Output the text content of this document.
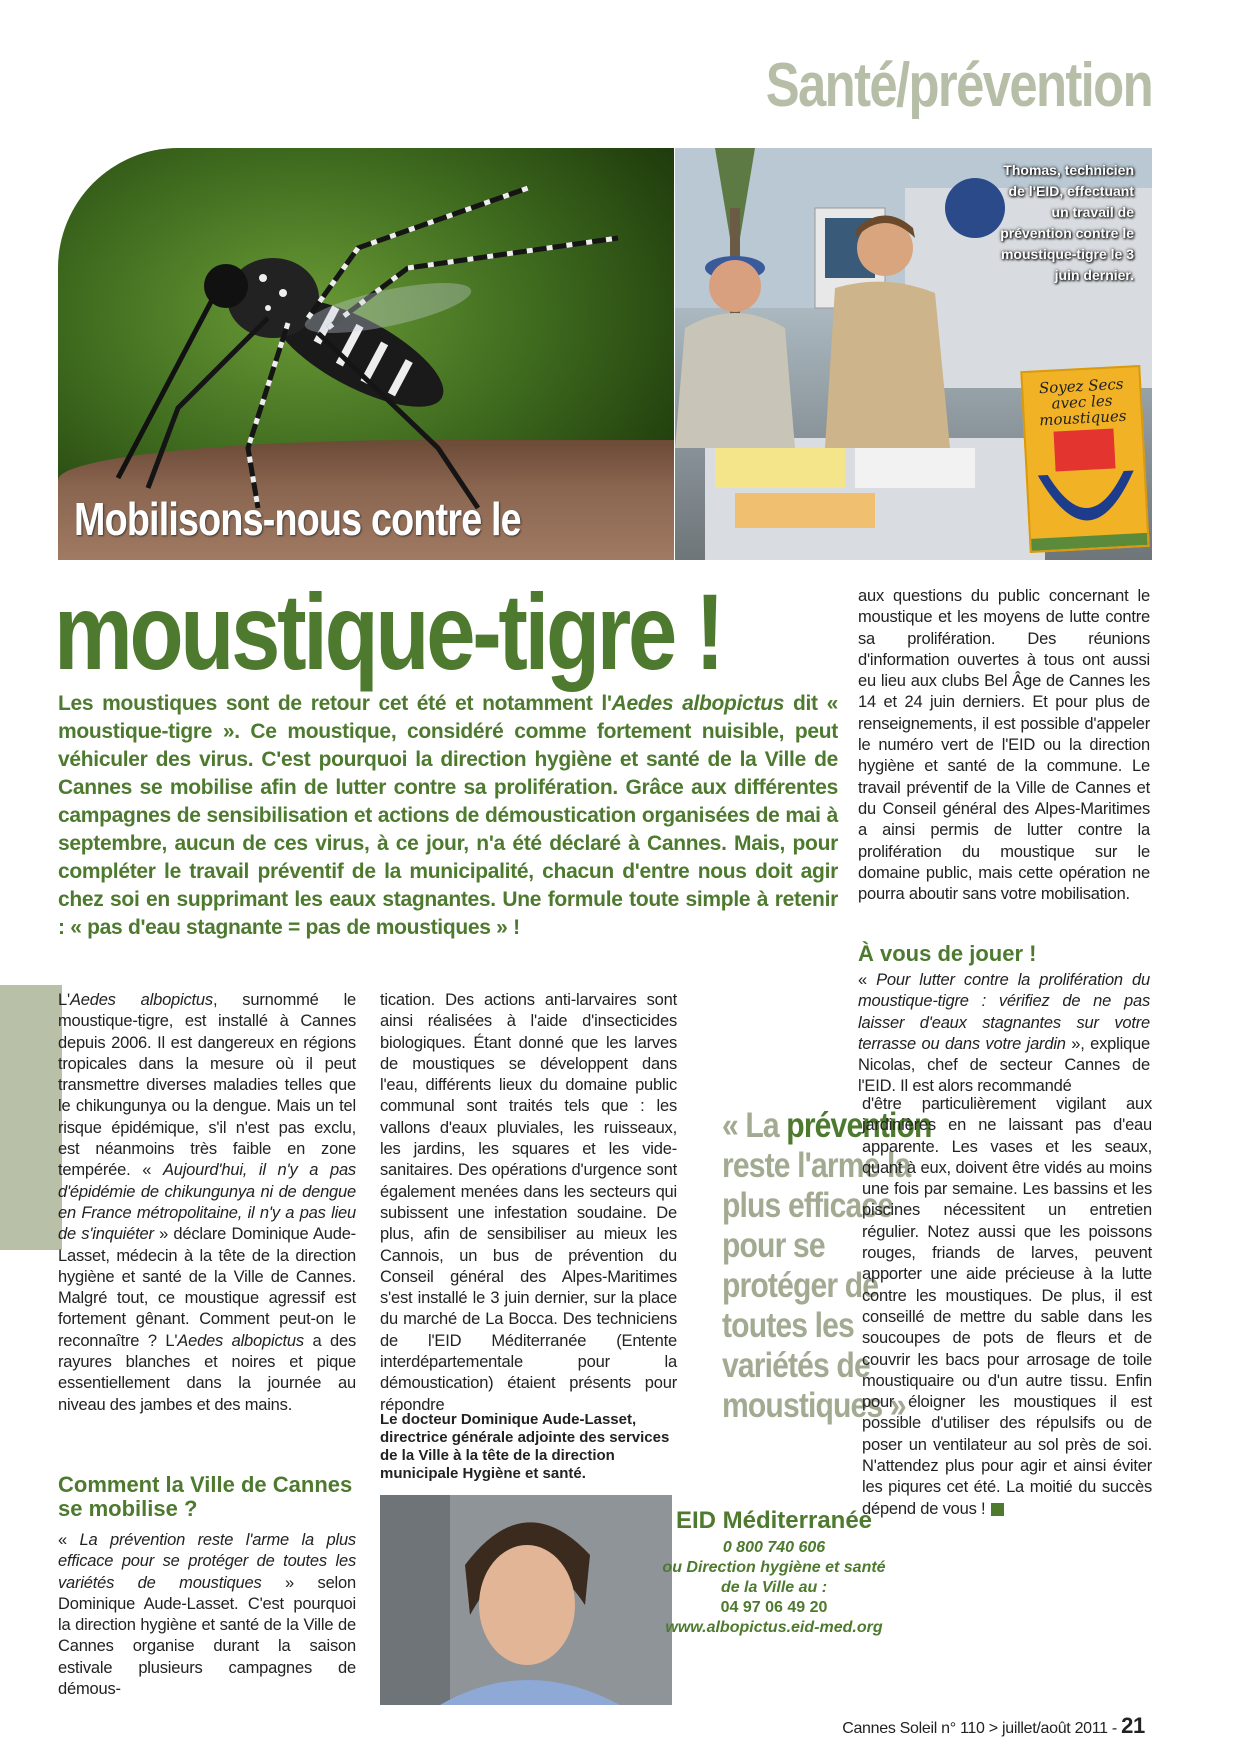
Santé/prévention
Mobilisons-nous contre le
Thomas, technicien de l'EID, effectuant un travail de prévention contre le moustique-tigre le 3 juin dernier.
Soyez Secs avec les moustiques
moustique-tigre !
Les moustiques sont de retour cet été et notamment l'Aedes albopictus dit « moustique-tigre ». Ce moustique, considéré comme fortement nuisible, peut véhiculer des virus. C'est pourquoi la direction hygiène et santé de la Ville de Cannes se mobilise afin de lutter contre sa prolifération. Grâce aux différentes campagnes de sensibilisation et actions de démoustication organisées de mai à septembre, aucun de ces virus, à ce jour, n'a été déclaré à Cannes. Mais, pour compléter le travail préventif de la municipalité, chacun d'entre nous doit agir chez soi en supprimant les eaux stagnantes. Une formule toute simple à retenir : « pas d'eau stagnante = pas de moustiques » !

L'Aedes albopictus, surnommé le moustique-tigre, est installé à Cannes depuis 2006. Il est dangereux en régions tropicales dans la mesure où il peut transmettre diverses maladies telles que le chikungunya ou la dengue. Mais un tel risque épidémique, s'il n'est pas exclu, est néanmoins très faible en zone tempérée. « Aujourd'hui, il n'y a pas d'épidémie de chikungunya ni de dengue en France métropolitaine, il n'y a pas lieu de s'inquiéter » déclare Dominique Aude-Lasset, médecin à la tête de la direction hygiène et santé de la Ville de Cannes. Malgré tout, ce moustique agressif est fortement gênant. Comment peut-on le reconnaître ? L'Aedes albopictus a des rayures blanches et noires et pique essentiellement dans la journée au niveau des jambes et des mains.

Comment la Ville de Cannes se mobilise ?

« La prévention reste l'arme la plus efficace pour se protéger de toutes les variétés de moustiques » selon Dominique Aude-Lasset. C'est pourquoi la direction hygiène et santé de la Ville de Cannes organise durant la saison estivale plusieurs campagnes de démous-

tication. Des actions anti-larvaires sont ainsi réalisées à l'aide d'insecticides biologiques. Étant donné que les larves de moustiques se développent dans l'eau, différents lieux du domaine public communal sont traités tels que : les vallons d'eaux pluviales, les ruisseaux, les jardins, les squares et les vide-sanitaires. Des opérations d'urgence sont également menées dans les secteurs qui subissent une infestation soudaine. De plus, afin de sensibiliser au mieux les Cannois, un bus de prévention du Conseil général des Alpes-Maritimes s'est installé le 3 juin dernier, sur la place du marché de La Bocca. Des techniciens de l'EID Méditerranée (Entente interdépartementale pour la démoustication) étaient présents pour répondre

Le docteur Dominique Aude-Lasset, directrice générale adjointe des services de la Ville à la tête de la direction municipale Hygiène et santé.
« La prévention reste l'arme la plus efficace pour se protéger de toutes les variétés de moustiques »

aux questions du public concernant le moustique et les moyens de lutte contre sa prolifération. Des réunions d'information ouvertes à tous ont aussi eu lieu aux clubs Bel Âge de Cannes les 14 et 24 juin derniers. Et pour plus de renseignements, il est possible d'appeler le numéro vert de l'EID ou la direction hygiène et santé de la commune. Le travail préventif de la Ville de Cannes et du Conseil général des Alpes-Maritimes a ainsi permis de lutter contre la prolifération du moustique sur le domaine public, mais cette opération ne pourra aboutir sans votre mobilisation.

À vous de jouer !

« Pour lutter contre la prolifération du moustique-tigre : vérifiez de ne pas laisser d'eaux stagnantes sur votre terrasse ou dans votre jardin », explique Nicolas, chef de secteur Cannes de l'EID. Il est alors recommandé

d'être particulièrement vigilant aux jardinières en ne laissant pas d'eau apparente. Les vases et les seaux, quant à eux, doivent être vidés au moins une fois par semaine. Les bassins et les piscines nécessitent un entretien régulier. Notez aussi que les poissons rouges, friands de larves, peuvent apporter une aide précieuse à la lutte contre les moustiques. De plus, il est conseillé de mettre du sable dans les soucoupes de pots de fleurs et de couvrir les bacs pour arrosage de toile moustiquaire ou d'un autre tissu. Enfin pour éloigner les moustiques il est possible d'utiliser des répulsifs ou de poser un ventilateur au sol près de soi. N'attendez plus pour agir et ainsi éviter les piqures cet été. La moitié du succès dépend de vous !

EID Méditerranée
0 800 740 606
ou Direction hygiène et santé de la Ville au :
04 97 06 49 20
www.albopictus.eid-med.org
Cannes Soleil n° 110 > juillet/août 2011 - 21
